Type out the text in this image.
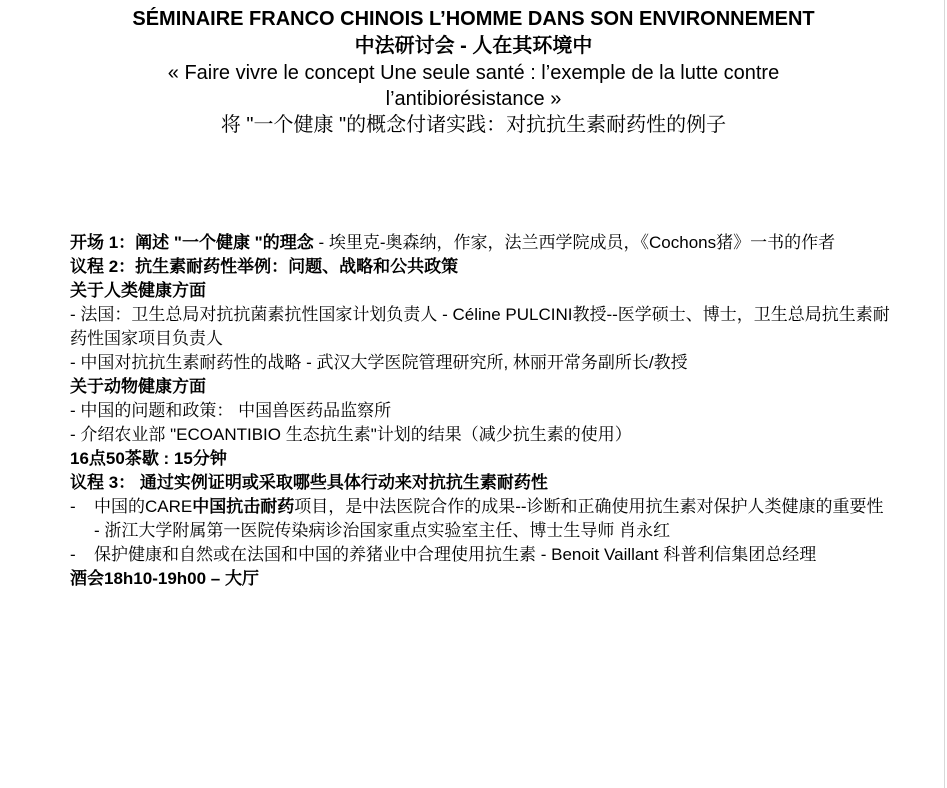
SÉMINAIRE FRANCO CHINOIS L’HOMME DANS SON ENVIRONNEMENT
中法研讨会 - 人在其环境中
« Faire vivre le concept Une seule santé : l’exemple de la lutte contre l’antibiorésistance »
将 "一个健康 "的概念付诸实践：对抗抗生素耐药性的例子

开场 1：阐述 "一个健康 "的理念 - 埃里克-奥森纳，作家，法兰西学院成员，《Cochons猪》一书的作者

议程 2：抗生素耐药性举例：问题、战略和公共政策

关于人类健康方面

- 法国：卫生总局对抗抗菌素抗性国家计划负责人 - Céline PULCINI教授--医学硕士、博士，卫生总局抗生素耐药性国家项目负责人

- 中国对抗抗生素耐药性的战略 - 武汉大学医院管理研究所, 林丽开常务副所长/教授

关于动物健康方面

- 中国的问题和政策： 中国兽医药品监察所

- 介绍农业部 "ECOANTIBIO 生态抗生素"计划的结果（减少抗生素的使用）

16点50茶歇 : 15分钟

议程 3： 通过实例证明或采取哪些具体行动来对抗抗生素耐药性

- 中国的CARE中国抗击耐药项目，是中法医院合作的成果--诊断和正确使用抗生素对保护人类健康的重要性 - 浙江大学附属第一医院传染病诊治国家重点实验室主任、博士生导师 肖永红
- 保护健康和自然或在法国和中国的养猪业中合理使用抗生素 - Benoit Vaillant 科普利信集团总经理

酒会18h10-19h00 – 大厅
